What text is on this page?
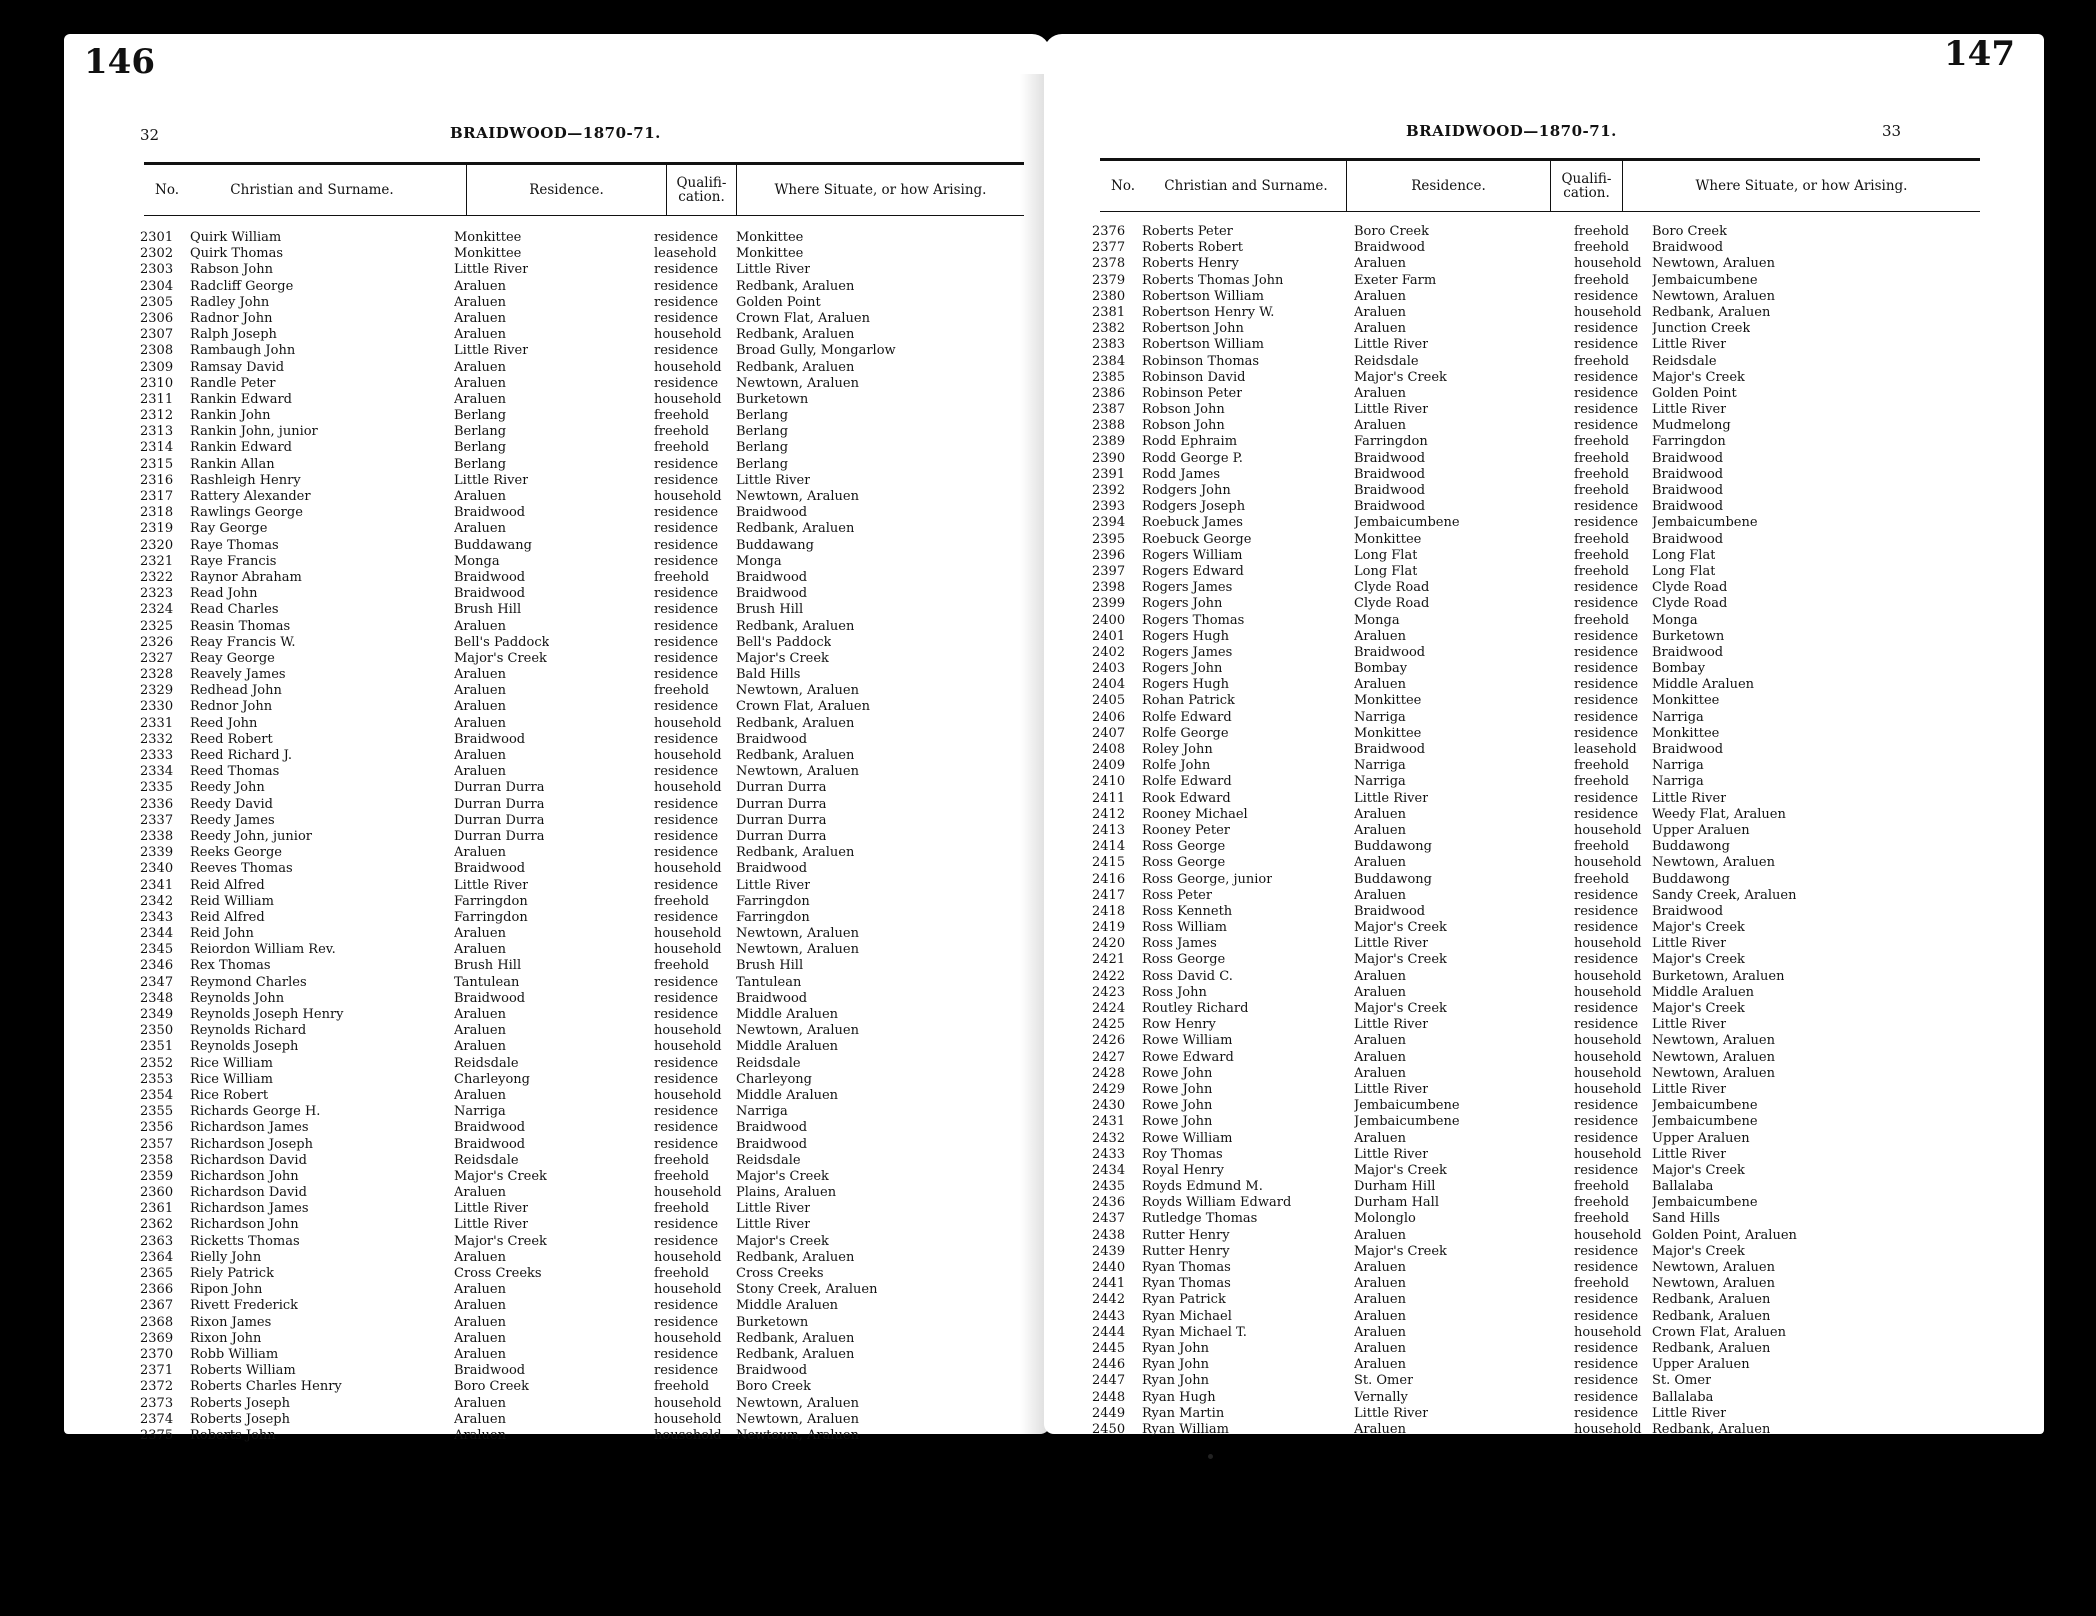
146
32	BRAIDWOOD—1870-71.
No.	Christian and Surname.	Residence.	Qualifi-cation.	Where Situate, or how Arising.
2301 Quirk William	Monkittee	residence Monkittee
2302 Quirk Thomas	Monkittee	leasehold Monkittee
2303 Rabson John	Little River	residence Little River
2304 Radcliff George	Araluen	residence Redbank, Araluen
2305 Radley John	Araluen	residence Golden Point
2306 Radnor John	Araluen	residence Crown Flat, Araluen
2307 Ralph Joseph	Araluen	household Redbank, Araluen
2308 Rambaugh John	Little River	residence Broad Gully, Mongarlow
2309 Ramsay David	Araluen	household Redbank, Araluen
2310 Randle Peter	Araluen	residence Newtown, Araluen
2311 Rankin Edward	Araluen	household Burketown
2312 Rankin John	Berlang	freehold Berlang
2313 Rankin John, junior	Berlang	freehold Berlang
2314 Rankin Edward	Berlang	freehold Berlang
2315 Rankin Allan	Berlang	residence Berlang
2316 Rashleigh Henry	Little River	residence Little River
2317 Rattery Alexander	Araluen	household Newtown, Araluen
2318 Rawlings George	Braidwood	residence Braidwood
2319 Ray George	Araluen	residence Redbank, Araluen
2320 Raye Thomas	Buddawang	residence Buddawang
2321 Raye Francis	Monga	residence Monga
2322 Raynor Abraham	Braidwood	freehold Braidwood
2323 Read John	Braidwood	residence Braidwood
2324 Read Charles	Brush Hill	residence Brush Hill
2325 Reasin Thomas	Araluen	residence Redbank, Araluen
2326 Reay Francis W.	Bell's Paddock	residence Bell's Paddock
2327 Reay George	Major's Creek	residence Major's Creek
2328 Reavely James	Araluen	residence Bald Hills
2329 Redhead John	Araluen	freehold Newtown, Araluen
2330 Rednor John	Araluen	residence Crown Flat, Araluen
2331 Reed John	Araluen	household Redbank, Araluen
2332 Reed Robert	Braidwood	residence Braidwood
2333 Reed Richard J.	Araluen	household Redbank, Araluen
2334 Reed Thomas	Araluen	residence Newtown, Araluen
2335 Reedy John	Durran Durra	household Durran Durra
2336 Reedy David	Durran Durra	residence Durran Durra
2337 Reedy James	Durran Durra	residence Durran Durra
2338 Reedy John, junior	Durran Durra	residence Durran Durra
2339 Reeks George	Araluen	residence Redbank, Araluen
2340 Reeves Thomas	Braidwood	household Braidwood
2341 Reid Alfred	Little River	residence Little River
2342 Reid William	Farringdon	freehold Farringdon
2343 Reid Alfred	Farringdon	residence Farringdon
2344 Reid John	Araluen	household Newtown, Araluen
2345 Reiordon William Rev.	Araluen	household Newtown, Araluen
2346 Rex Thomas	Brush Hill	freehold Brush Hill
2347 Reymond Charles	Tantulean	residence Tantulean
2348 Reynolds John	Braidwood	residence Braidwood
2349 Reynolds Joseph Henry	Araluen	residence Middle Araluen
2350 Reynolds Richard	Araluen	household Newtown, Araluen
2351 Reynolds Joseph	Araluen	household Middle Araluen
2352 Rice William	Reidsdale	residence Reidsdale
2353 Rice William	Charleyong	residence Charleyong
2354 Rice Robert	Araluen	household Middle Araluen
2355 Richards George H.	Narriga	residence Narriga
2356 Richardson James	Braidwood	residence Braidwood
2357 Richardson Joseph	Braidwood	residence Braidwood
2358 Richardson David	Reidsdale	freehold Reidsdale
2359 Richardson John	Major's Creek	freehold Major's Creek
2360 Richardson David	Araluen	household Plains, Araluen
2361 Richardson James	Little River	freehold Little River
2362 Richardson John	Little River	residence Little River
2363 Ricketts Thomas	Major's Creek	residence Major's Creek
2364 Rielly John	Araluen	household Redbank, Araluen
2365 Riely Patrick	Cross Creeks	freehold Cross Creeks
2366 Ripon John	Araluen	household Stony Creek, Araluen
2367 Rivett Frederick	Araluen	residence Middle Araluen
2368 Rixon James	Araluen	residence Burketown
2369 Rixon John	Araluen	household Redbank, Araluen
2370 Robb William	Araluen	residence Redbank, Araluen
2371 Roberts William	Braidwood	residence Braidwood
2372 Roberts Charles Henry	Boro Creek	freehold Boro Creek
2373 Roberts Joseph	Araluen	household Newtown, Araluen
2374 Roberts Joseph	Araluen	household Newtown, Araluen
2375 Roberts John	Araluen	household Newtown, Araluen
147
33
BRAIDWOOD—1870-71.
No.	Christian and Surname.	Residence.	Qualifi-cation.	Where Situate, or how Arising.
2376 Roberts Peter	Boro Creek	freehold Boro Creek
2377 Roberts Robert	Braidwood	freehold Braidwood
2378 Roberts Henry	Araluen	household Newtown, Araluen
2379 Roberts Thomas John	Exeter Farm	freehold Jembaicumbene
2380 Robertson William	Araluen	residence Newtown, Araluen
2381 Robertson Henry W.	Araluen	household Redbank, Araluen
2382 Robertson John	Araluen	residence Junction Creek
2383 Robertson William	Little River	residence Little River
2384 Robinson Thomas	Reidsdale	freehold Reidsdale
2385 Robinson David	Major's Creek	residence Major's Creek
2386 Robinson Peter	Araluen	residence Golden Point
2387 Robson John	Little River	residence Little River
2388 Robson John	Araluen	residence Mudmelong
2389 Rodd Ephraim	Farringdon	freehold Farringdon
2390 Rodd George P.	Braidwood	freehold Braidwood
2391 Rodd James	Braidwood	freehold Braidwood
2392 Rodgers John	Braidwood	freehold Braidwood
2393 Rodgers Joseph	Braidwood	residence Braidwood
2394 Roebuck James	Jembaicumbene	residence Jembaicumbene
2395 Roebuck George	Monkittee	freehold Braidwood
2396 Rogers William	Long Flat	freehold Long Flat
2397 Rogers Edward	Long Flat	freehold Long Flat
2398 Rogers James	Clyde Road	residence Clyde Road
2399 Rogers John	Clyde Road	residence Clyde Road
2400 Rogers Thomas	Monga	freehold Monga
2401 Rogers Hugh	Araluen	residence Burketown
2402 Rogers James	Braidwood	residence Braidwood
2403 Rogers John	Bombay	residence Bombay
2404 Rogers Hugh	Araluen	residence Middle Araluen
2405 Rohan Patrick	Monkittee	residence Monkittee
2406 Rolfe Edward	Narriga	residence Narriga
2407 Rolfe George	Monkittee	residence Monkittee
2408 Roley John	Braidwood	leasehold Braidwood
2409 Rolfe John	Narriga	freehold Narriga
2410 Rolfe Edward	Narriga	freehold Narriga
2411 Rook Edward	Little River	residence Little River
2412 Rooney Michael	Araluen	residence Weedy Flat, Araluen
2413 Rooney Peter	Araluen	household Upper Araluen
2414 Ross George	Buddawong	freehold Buddawong
2415 Ross George	Araluen	household Newtown, Araluen
2416 Ross George, junior	Buddawong	freehold Buddawong
2417 Ross Peter	Araluen	residence Sandy Creek, Araluen
2418 Ross Kenneth	Braidwood	residence Braidwood
2419 Ross William	Major's Creek	residence Major's Creek
2420 Ross James	Little River	household Little River
2421 Ross George	Major's Creek	residence Major's Creek
2422 Ross David C.	Araluen	household Burketown, Araluen
2423 Ross John	Araluen	household Middle Araluen
2424 Routley Richard	Major's Creek	residence Major's Creek
2425 Row Henry	Little River	residence Little River
2426 Rowe William	Araluen	household Newtown, Araluen
2427 Rowe Edward	Araluen	household Newtown, Araluen
2428 Rowe John	Araluen	household Newtown, Araluen
2429 Rowe John	Little River	household Little River
2430 Rowe John	Jembaicumbene	residence Jembaicumbene
2431 Rowe John	Jembaicumbene	residence Jembaicumbene
2432 Rowe William	Araluen	residence Upper Araluen
2433 Roy Thomas	Little River	household Little River
2434 Royal Henry	Major's Creek	residence Major's Creek
2435 Royds Edmund M.	Durham Hill	freehold Ballalaba
2436 Royds William Edward	Durham Hall	freehold Jembaicumbene
2437 Rutledge Thomas	Molonglo	freehold Sand Hills
2438 Rutter Henry	Araluen	household Golden Point, Araluen
2439 Rutter Henry	Major's Creek	residence Major's Creek
2440 Ryan Thomas	Araluen	residence Newtown, Araluen
2441 Ryan Thomas	Araluen	freehold Newtown, Araluen
2442 Ryan Patrick	Araluen	residence Redbank, Araluen
2443 Ryan Michael	Araluen	residence Redbank, Araluen
2444 Ryan Michael T.	Araluen	household Crown Flat, Araluen
2445 Ryan John	Araluen	residence Redbank, Araluen
2446 Ryan John	Araluen	residence Upper Araluen
2447 Ryan John	St. Omer	residence St. Omer
2448 Ryan Hugh	Vernally	residence Ballalaba
2449 Ryan Martin	Little River	residence Little River
2450 Ryan William	Araluen	household Redbank, Araluen
